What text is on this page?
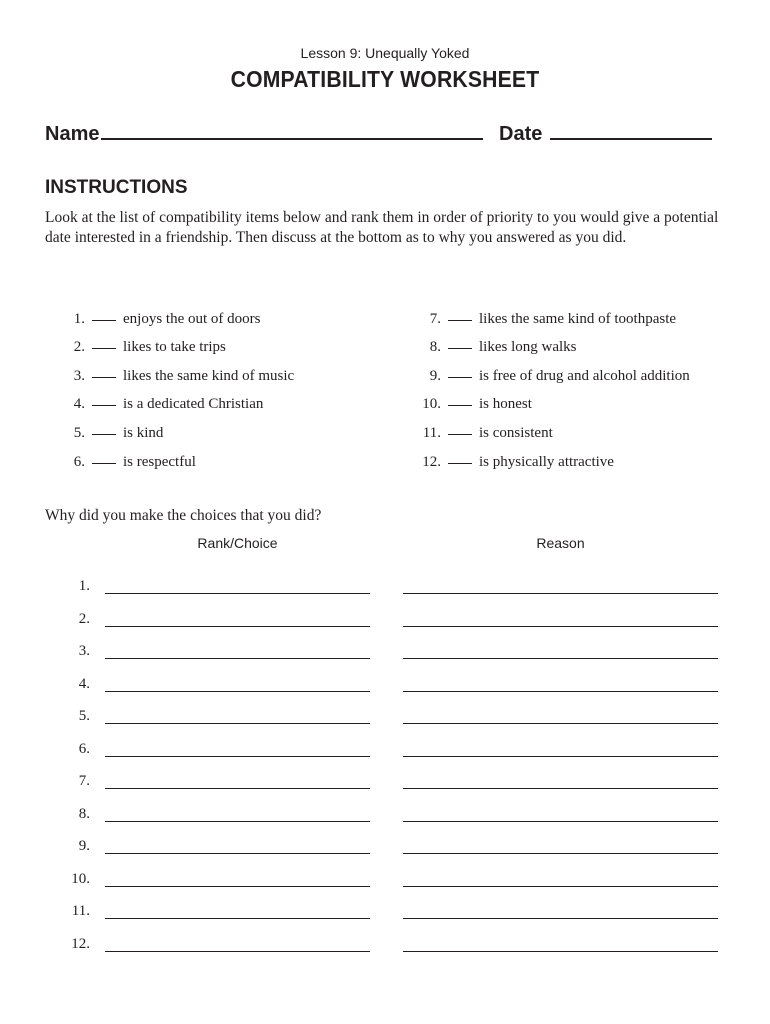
Lesson 9: Unequally Yoked
COMPATIBILITY WORKSHEET
Name	Date
INSTRUCTIONS
Look at the list of compatibility items below and rank them in order of priority to you would give a potential date interested in a friendship. Then discuss at the bottom as to why you answered as you did.
1.	enjoys the out of doors
2.	likes to take trips
3.	likes the same kind of music
4.	is a dedicated Christian
5.	is kind
6.	is respectful
7.	likes the same kind of toothpaste
8.	likes long walks
9.	is free of drug and alcohol addition
10.	is honest
11.	is consistent
12.	is physically attractive
Why did you make the choices that you did?
Rank/Choice	Reason
1.
2.
3.
4.
5.
6.
7.
8.
9.
10.
11.
12.
